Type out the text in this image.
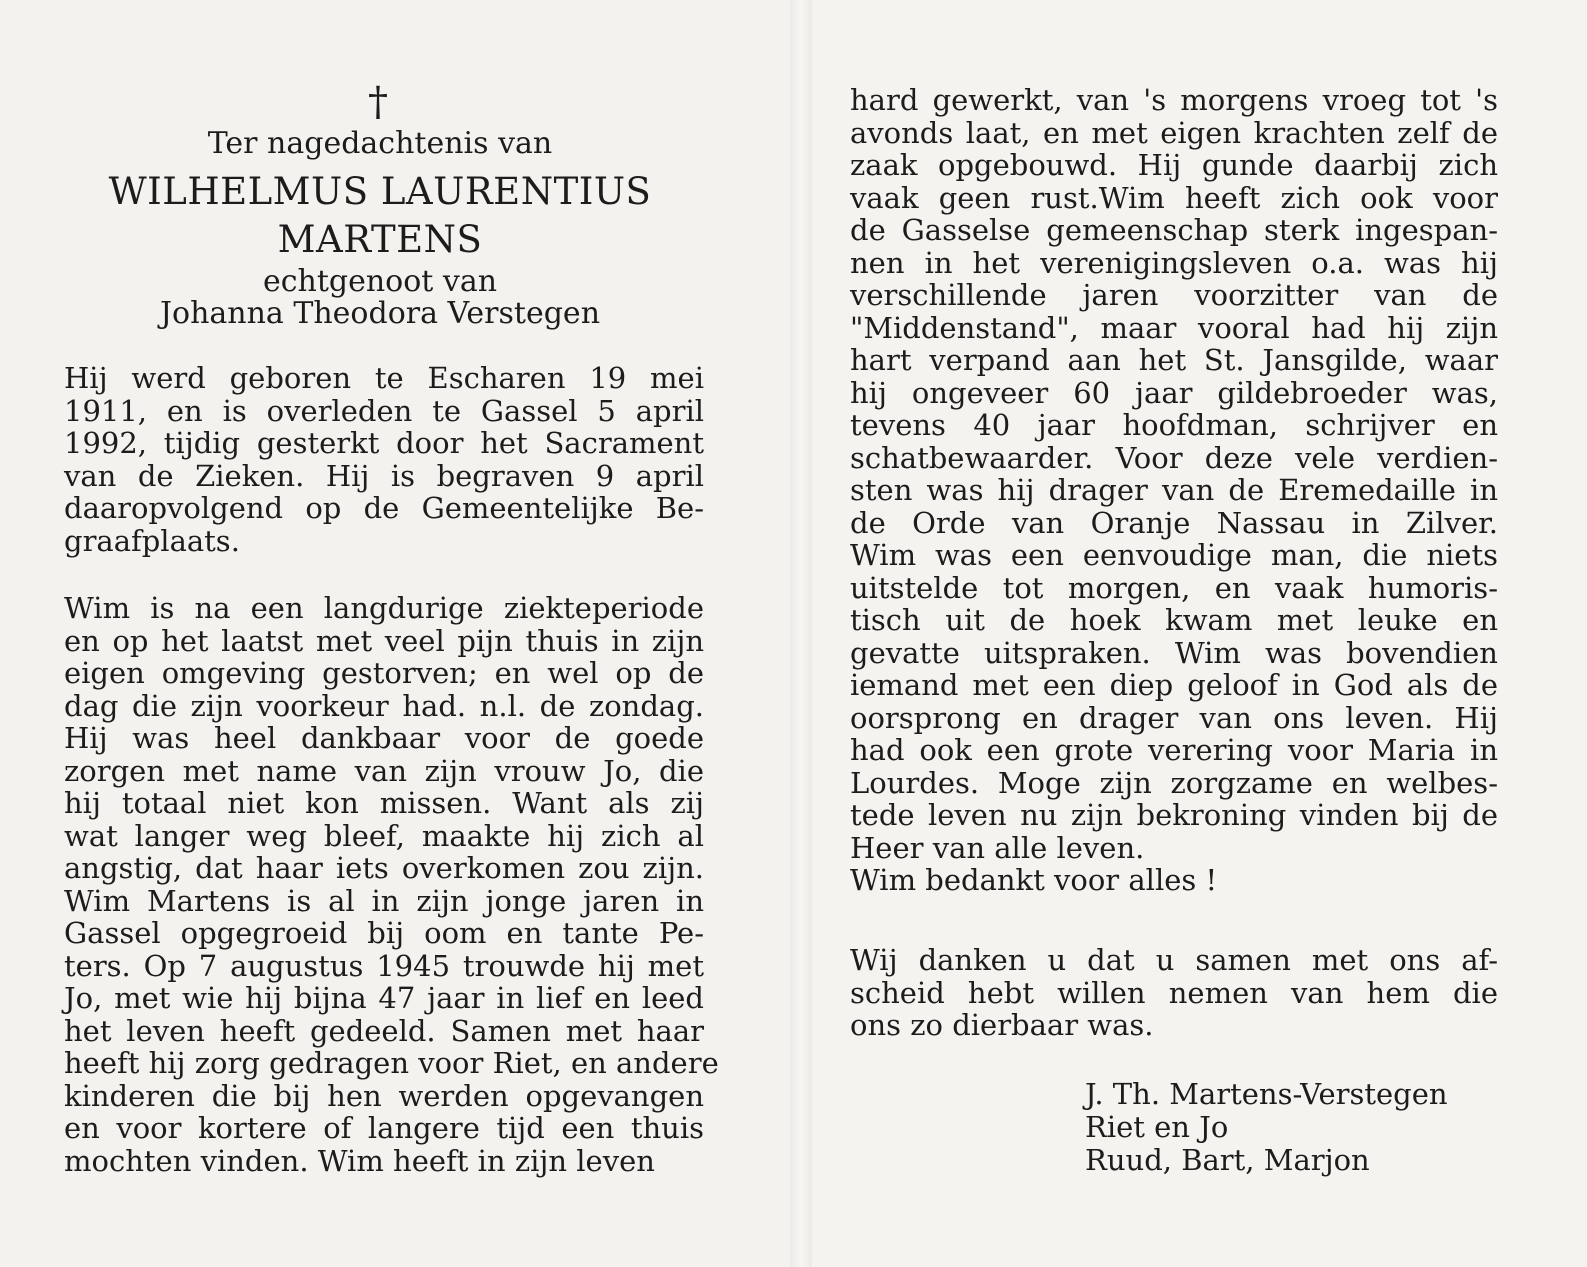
†
Ter nagedachtenis van
WILHELMUS LAURENTIUS
MARTENS
echtgenoot van
Johanna Theodora Verstegen
Hij werd geboren te Escharen 19 mei
1911, en is overleden te Gassel 5 april
1992, tijdig gesterkt door het Sacrament
van de Zieken. Hij is begraven 9 april
daaropvolgend op de Gemeentelijke Be-
graafplaats.
Wim is na een langdurige ziekteperiode
en op het laatst met veel pijn thuis in zijn
eigen omgeving gestorven; en wel op de
dag die zijn voorkeur had. n.l. de zondag.
Hij was heel dankbaar voor de goede
zorgen met name van zijn vrouw Jo, die
hij totaal niet kon missen. Want als zij
wat langer weg bleef, maakte hij zich al
angstig, dat haar iets overkomen zou zijn.
Wim Martens is al in zijn jonge jaren in
Gassel opgegroeid bij oom en tante Pe-
ters. Op 7 augustus 1945 trouwde hij met
Jo, met wie hij bijna 47 jaar in lief en leed
het leven heeft gedeeld. Samen met haar
heeft hij zorg gedragen voor Riet, en andere
kinderen die bij hen werden opgevangen
en voor kortere of langere tijd een thuis
mochten vinden. Wim heeft in zijn leven
hard gewerkt, van 's morgens vroeg tot 's
avonds laat, en met eigen krachten zelf de
zaak opgebouwd. Hij gunde daarbij zich
vaak geen rust.Wim heeft zich ook voor
de Gasselse gemeenschap sterk ingespan-
nen in het verenigingsleven o.a. was hij
verschillende jaren voorzitter van de
"Middenstand", maar vooral had hij zijn
hart verpand aan het St. Jansgilde, waar
hij ongeveer 60 jaar gildebroeder was,
tevens 40 jaar hoofdman, schrijver en
schatbewaarder. Voor deze vele verdien-
sten was hij drager van de Eremedaille in
de Orde van Oranje Nassau in Zilver.
Wim was een eenvoudige man, die niets
uitstelde tot morgen, en vaak humoris-
tisch uit de hoek kwam met leuke en
gevatte uitspraken. Wim was bovendien
iemand met een diep geloof in God als de
oorsprong en drager van ons leven. Hij
had ook een grote verering voor Maria in
Lourdes. Moge zijn zorgzame en welbes-
tede leven nu zijn bekroning vinden bij de
Heer van alle leven.
Wim bedankt voor alles !
Wij danken u dat u samen met ons af-
scheid hebt willen nemen van hem die
ons zo dierbaar was.
J. Th. Martens-Verstegen
Riet en Jo
Ruud, Bart, Marjon
